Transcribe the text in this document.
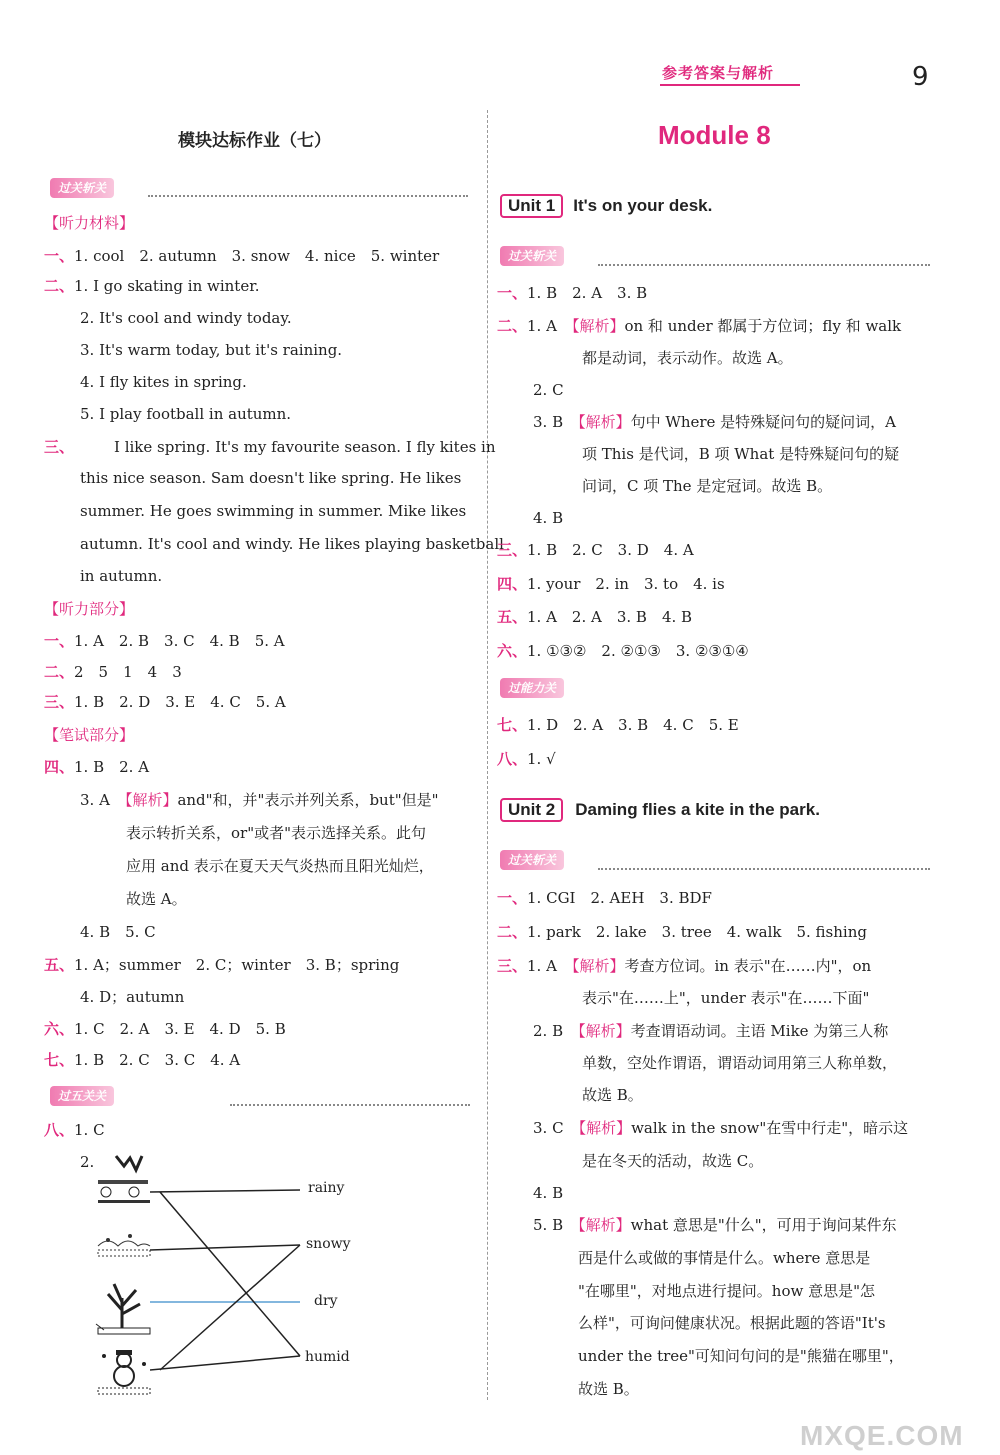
参考答案与解析	9
模块达标作业（七）
过关斩关
【听力材料】
一、1. cool　2. autumn　3. snow　4. nice　5. winter
二、1. I go skating in winter.
2. It's cool and windy today.
3. It's warm today, but it's raining.
4. I fly kites in spring.
5. I play football in autumn.
三、	I like spring. It's my favourite season. I fly kites in
this nice season. Sam doesn't like spring. He likes
summer. He goes swimming in summer. Mike likes
autumn. It's cool and windy. He likes playing basketball
in autumn.
【听力部分】
一、1. A　2. B　3. C　4. B　5. A
二、2　5　1　4　3
三、1. B　2. D　3. E　4. C　5. A
【笔试部分】
四、1. B　2. A
3. A　 【解析】and"和，并"表示并列关系，but"但是"
表示转折关系，or"或者"表示选择关系。此句
应用 and 表示在夏天天气炎热而且阳光灿烂，
故选 A。
4. B　5. C
五、1. A；summer　2. C；winter　3. B；spring
4. D；autumn
六、1. C　2. A　3. E　4. D　5. B
七、1. B　2. C　3. C　4. A
过五关关
八、1. C
2.
rainy
snowy
dry
humid
Module 8
Unit 1	It's on your desk.
过关斩关
一、1. B　2. A　3. B
二、1. A　 【解析】on 和 under 都属于方位词；fly 和 walk
都是动词，表示动作。故选 A。
2. C
3. B　 【解析】句中 Where 是特殊疑问句的疑问词，A
项 This 是代词，B 项 What 是特殊疑问句的疑
问词，C 项 The 是定冠词。故选 B。
4. B
三、1. B　2. C　3. D　4. A
四、1. your　2. in　3. to　4. is
五、1. A　2. A　3. B　4. B
六、1. ①③②　2. ②①③　3. ②③①④
过能力关
七、1. D　2. A　3. B　4. C　5. E
八、1. √
Unit 2	Daming flies a kite in the park.
过关斩关
一、1. CGI　2. AEH　3. BDF
二、1. park　2. lake　3. tree　4. walk　5. fishing
三、1. A　 【解析】考查方位词。in 表示"在……内"，on
表示"在……上"，under 表示"在……下面"
2. B　 【解析】考查谓语动词。主语 Mike 为第三人称
单数，空处作谓语，谓语动词用第三人称单数，
故选 B。
3. C　 【解析】walk in the snow"在雪中行走"，暗示这
是在冬天的活动，故选 C。
4. B
5. B　 【解析】what 意思是"什么"，可用于询问某件东
西是什么或做的事情是什么。where 意思是
"在哪里"，对地点进行提问。how 意思是"怎
么样"，可询问健康状况。根据此题的答语"It's
under the tree"可知问句问的是"熊猫在哪里"，
故选 B。
MXQE.COM
